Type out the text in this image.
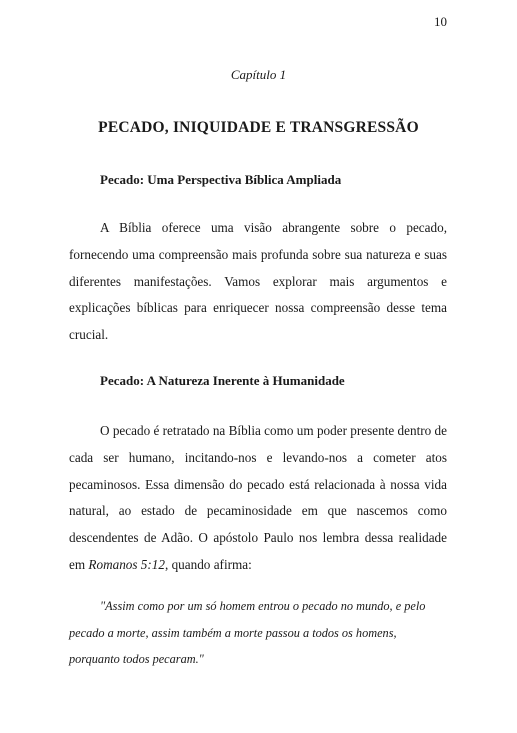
10
Capítulo 1
PECADO, INIQUIDADE E TRANSGRESSÃO
Pecado: Uma Perspectiva Bíblica Ampliada

A Bíblia oferece uma visão abrangente sobre o pecado, fornecendo uma compreensão mais profunda sobre sua natureza e suas diferentes manifestações. Vamos explorar mais argumentos e explicações bíblicas para enriquecer nossa compreensão desse tema crucial.

Pecado: A Natureza Inerente à Humanidade

O pecado é retratado na Bíblia como um poder presente dentro de cada ser humano, incitando-nos e levando-nos a cometer atos pecaminosos. Essa dimensão do pecado está relacionada à nossa vida natural, ao estado de pecaminosidade em que nascemos como descendentes de Adão. O apóstolo Paulo nos lembra dessa realidade em Romanos 5:12, quando afirma:

"Assim como por um só homem entrou o pecado no mundo, e pelo pecado a morte, assim também a morte passou a todos os homens, porquanto todos pecaram."
